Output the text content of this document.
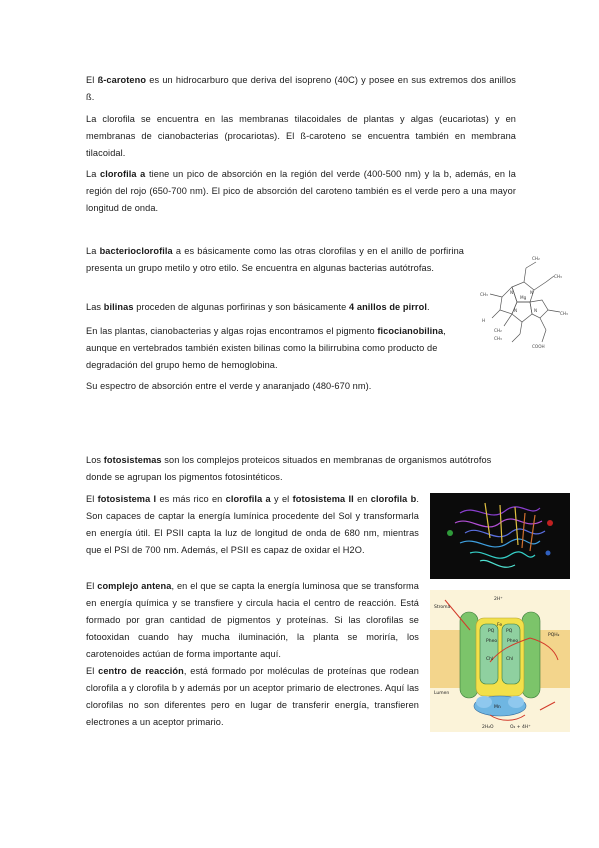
El ß-caroteno es un hidrocarburo que deriva del isopreno (40C) y posee en sus extremos dos anillos ß.

La clorofila se encuentra en las membranas tilacoidales de plantas y algas (eucariotas) y en membranas de cianobacterias (procariotas). El ß-caroteno se encuentra también en membrana tilacoidal.

La clorofila a tiene un pico de absorción en la región del verde (400-500 nm) y la b, además, en la región del rojo (650-700 nm). El pico de absorción del caroteno también es el verde pero a una mayor longitud de onda.

La bacterioclorofila a es básicamente como las otras clorofilas y en el anillo de porfirina presenta un grupo metilo y otro etilo. Se encuentra en algunas bacterias autótrofas.

Las bilinas proceden de algunas porfirinas y son básicamente 4 anillos de pirrol.

En las plantas, cianobacterias y algas rojas encontramos el pigmento ficocianobilina, aunque en vertebrados también existen bilinas como la bilirrubina como producto de degradación del grupo hemo de hemoglobina.

Su espectro de absorción entre el verde y anaranjado (480-670 nm).

CH₂
CH₃
CH₃
H
Mg
N	N
N	N
CH₃
CH₂
CH₃
COOH

Los fotosistemas son los complejos proteicos situados en membranas de organismos autótrofos donde se agrupan los pigmentos fotosintéticos.

El fotosistema I es más rico en clorofila a y el fotosistema II en clorofila b. Son capaces de captar la energía lumínica procedente del Sol y transformarla en energía útil. El PSII capta la luz de longitud de onda de 680 nm, mientras que el PSI de 700 nm. Además, el PSII es capaz de oxidar el H2O.

El complejo antena, en el que se capta la energía luminosa que se transforma en energía química y se transfiere y circula hacia el centro de reacción. Está formado por gran cantidad de pigmentos y proteínas. Si las clorofilas se fotooxidan cuando hay mucha iluminación, la planta se moriría, los carotenoides actúan de forma importante aquí.

El centro de reacción, está formado por moléculas de proteínas que rodean clorofila a y clorofila b y además por un aceptor primario de electrones. Aquí las clorofilas no son diferentes pero en lugar de transferir energía, transfieren electrones a un aceptor primario.

Stroma
Lumen
Pheo Pheo
PQ	PQ
Fe
Chl	Chl
Mn
2H₂O	O₂ + 4H⁺
2H⁺
PQH₂
